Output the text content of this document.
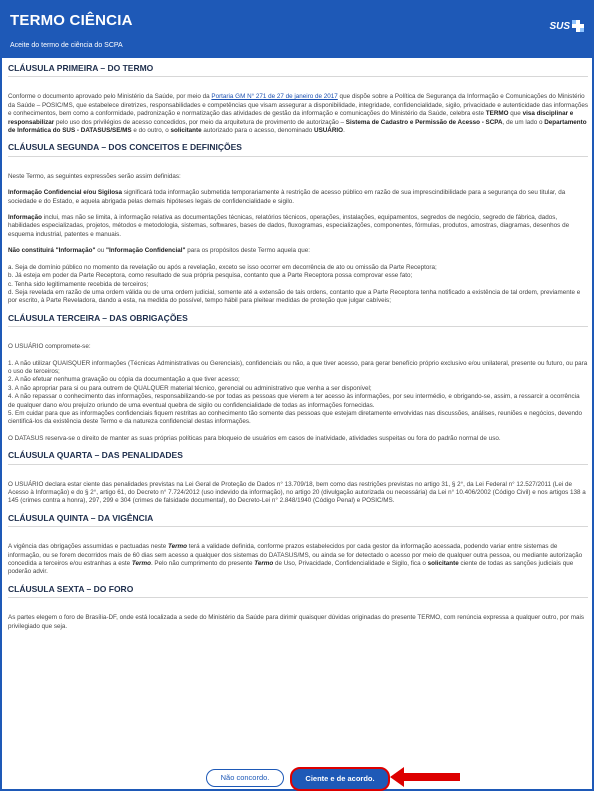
TERMO CIÊNCIA
Aceite do termo de ciência do SCPA
SUS
CLÁUSULA PRIMEIRA – DO TERMO
Conforme o documento aprovado pelo Ministério da Saúde, por meio da Portaria GM N° 271 de 27 de janeiro de 2017 que dispõe sobre a Política de Segurança da Informação e Comunicações do Ministério da Saúde – POSIC/MS, que estabelece diretrizes, responsabilidades e competências que visam assegurar a disponibilidade, integridade, confidencialidade, sigilo, privacidade e autenticidade das informações e conhecimentos, bem como a conformidade, padronização e normatização das atividades de gestão da informação e comunicações do Ministério da Saúde, celebra este TERMO que visa disciplinar e responsabilizar pelo uso dos privilégios de acesso concedidos, por meio da arquitetura de provimento de autorização – Sistema de Cadastro e Permissão de Acesso - SCPA, de um lado o Departamento de Informática do SUS - DATASUS/SE/MS e do outro, o solicitante autorizado para o acesso, denominado USUÁRIO.
CLÁUSULA SEGUNDA – DOS CONCEITOS E DEFINIÇÕES
Neste Termo, as seguintes expressões serão assim definidas:
Informação Confidencial e/ou Sigilosa significará toda informação submetida temporariamente à restrição de acesso público em razão de sua imprescindibilidade para a segurança do seu titular, da sociedade e do Estado, e aquela abrigada pelas demais hipóteses legais de confidencialidade e sigilo.
Informação inclui, mas não se limita, à informação relativa as documentações técnicas, relatórios técnicos, operações, instalações, equipamentos, segredos de negócio, segredo de fábrica, dados, habilidades especializadas, projetos, métodos e metodologia, sistemas, softwares, bases de dados, fluxogramas, especializações, componentes, fórmulas, produtos, amostras, diagramas, desenhos de esquema industrial, patentes e manuais.
Não constituirá "Informação" ou "Informação Confidencial" para os propósitos deste Termo aquela que:
a. Seja de domínio público no momento da revelação ou após a revelação, exceto se isso ocorrer em decorrência de ato ou omissão da Parte Receptora;
b. Já esteja em poder da Parte Receptora, como resultado de sua própria pesquisa, contanto que a Parte Receptora possa comprovar esse fato;
c. Tenha sido legitimamente recebida de terceiros;
d. Seja revelada em razão de uma ordem válida ou de uma ordem judicial, somente até a extensão de tais ordens, contanto que a Parte Receptora tenha notificado a existência de tal ordem, previamente e por escrito, à Parte Reveladora, dando a esta, na medida do possível, tempo hábil para pleitear medidas de proteção que julgar cabíveis;
CLÁUSULA TERCEIRA – DAS OBRIGAÇÕES
O USUÁRIO compromete-se:
1. A não utilizar QUAISQUER informações (Técnicas Administrativas ou Gerenciais), confidenciais ou não, a que tiver acesso, para gerar benefício próprio exclusivo e/ou unilateral, presente ou futuro, ou para o uso de terceiros;
2. A não efetuar nenhuma gravação ou cópia da documentação a que tiver acesso;
3. A não apropriar para si ou para outrem de QUALQUER material técnico, gerencial ou administrativo que venha a ser disponível;
4. A não repassar o conhecimento das informações, responsabilizando-se por todas as pessoas que vierem a ter acesso às informações, por seu intermédio, e obrigando-se, assim, a ressarcir a ocorrência de qualquer dano e/ou prejuízo oriundo de uma eventual quebra de sigilo ou confidencialidade de todas as informações fornecidas.
5. Em cuidar para que as informações confidenciais fiquem restritas ao conhecimento tão somente das pessoas que estejam diretamente envolvidas nas discussões, análises, reuniões e negócios, devendo cientificá-los da existência deste Termo e da natureza confidencial destas informações.
O DATASUS reserva-se o direito de manter as suas próprias políticas para bloqueio de usuários em casos de inatividade, atividades suspeitas ou fora do padrão normal de uso.
CLÁUSULA QUARTA – DAS PENALIDADES
O USUÁRIO declara estar ciente das penalidades previstas na Lei Geral de Proteção de Dados n° 13.709/18, bem como das restrições previstas no artigo 31, § 2°, da Lei Federal n° 12.527/2011 (Lei de Acesso à Informação) e do § 2°, artigo 61, do Decreto n° 7.724/2012 (uso indevido da informação), no artigo 20 (divulgação autorizada ou necessária) da Lei n° 10.406/2002 (Código Civil) e nos artigos 138 a 145 (crimes contra a honra), 297, 299 e 304 (crimes de falsidade documental), do Decreto-Lei n° 2.848/1940 (Código Penal) e POSIC/MS.
CLÁUSULA QUINTA – DA VIGÊNCIA
A vigência das obrigações assumidas e pactuadas neste Termo terá a validade definida, conforme prazos estabelecidos por cada gestor da informação acessada, podendo variar entre sistemas de informação, ou se forem decorridos mais de 60 dias sem acesso a qualquer dos sistemas do DATASUS/MS, ou ainda se for detectado o acesso por meio de qualquer outra pessoa, ou mediante autorização concedida a terceiros e/ou estranhas a este Termo. Pelo não cumprimento do presente Termo de Uso, Privacidade, Confidencialidade e Sigilo, fica o solicitante ciente de todas as sanções judiciais que poderão advir.
CLÁUSULA SEXTA – DO FORO
As partes elegem o foro de Brasília-DF, onde está localizada a sede do Ministério da Saúde para dirimir quaisquer dúvidas originadas do presente TERMO, com renúncia expressa a qualquer outro, por mais privilegiado que seja.
Não concordo.	Ciente e de acordo.
